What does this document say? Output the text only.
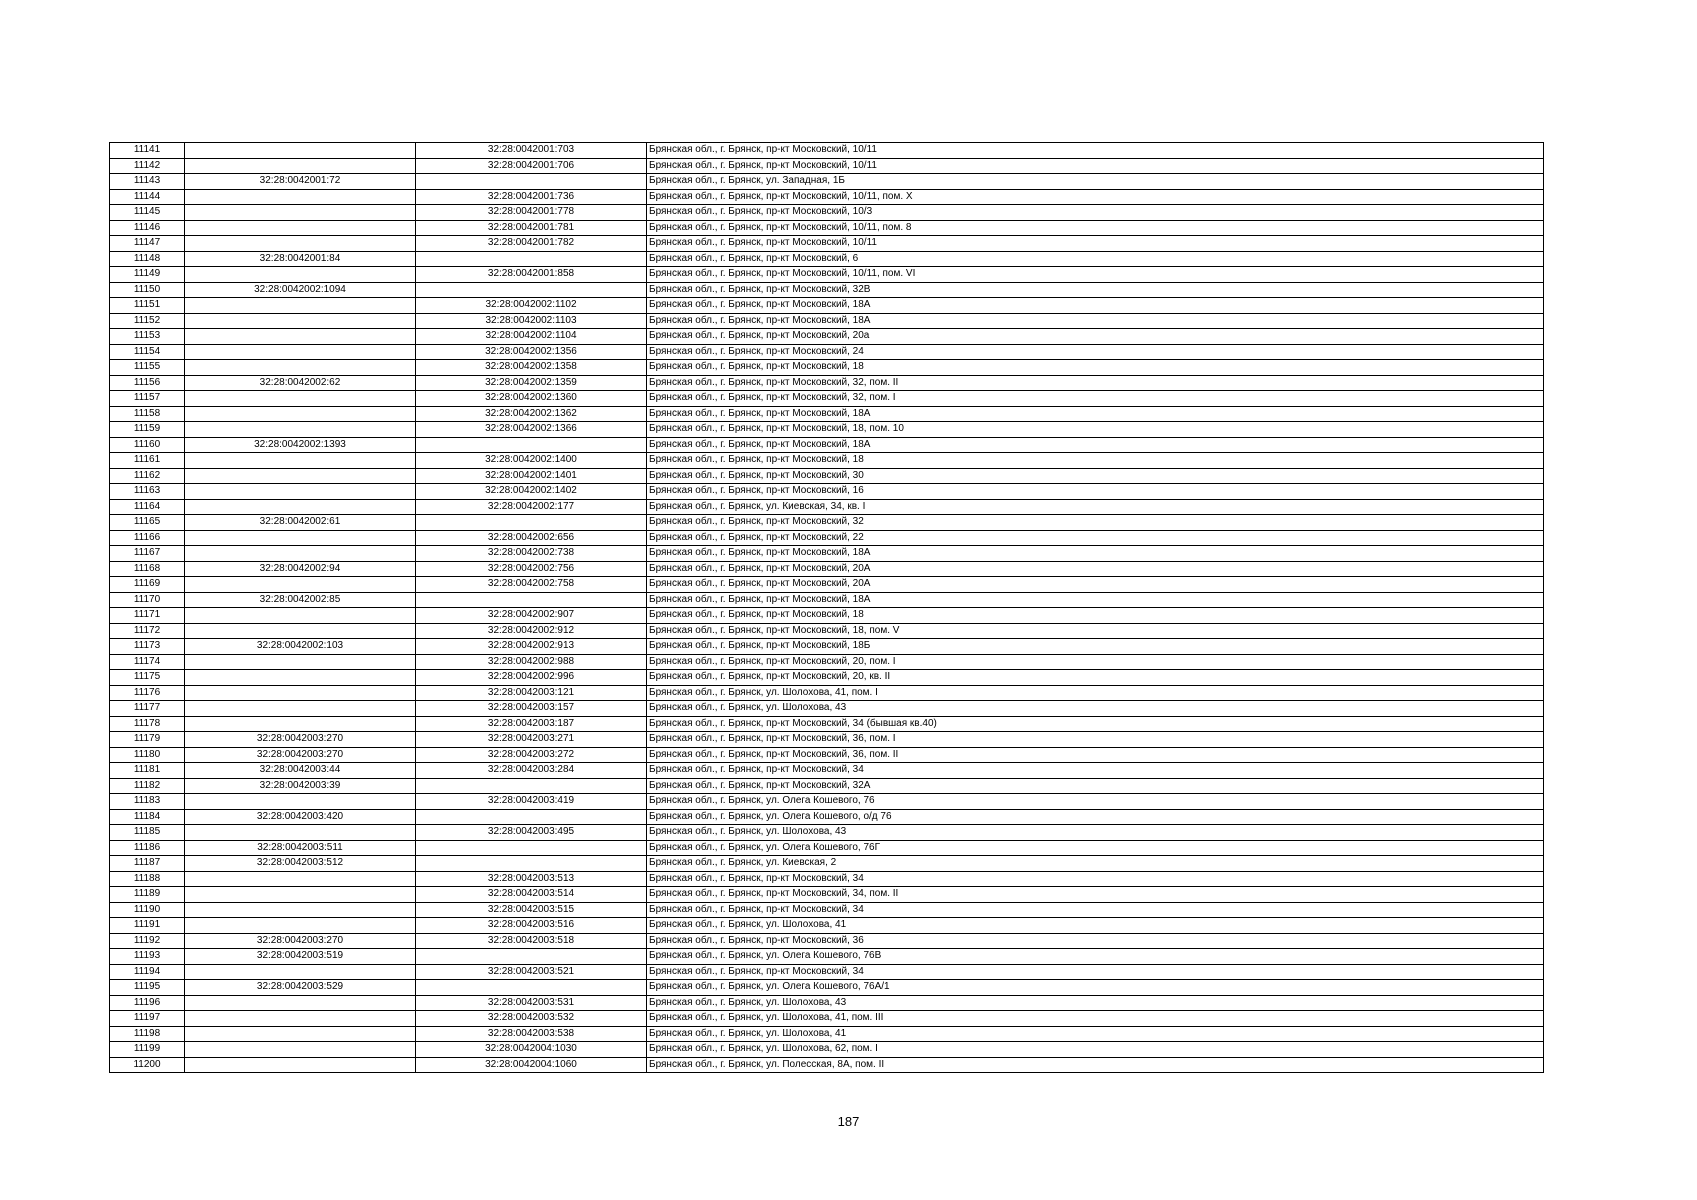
11141		32:28:0042001:703	Брянская обл., г. Брянск, пр-кт Московский, 10/11
11142		32:28:0042001:706	Брянская обл., г. Брянск, пр-кт Московский, 10/11
11143	32:28:0042001:72		Брянская обл., г. Брянск, ул. Западная, 1Б
11144		32:28:0042001:736	Брянская обл., г. Брянск, пр-кт Московский, 10/11, пом. X
11145		32:28:0042001:778	Брянская обл., г. Брянск, пр-кт Московский, 10/3
11146		32:28:0042001:781	Брянская обл., г. Брянск, пр-кт Московский, 10/11, пом. 8
11147		32:28:0042001:782	Брянская обл., г. Брянск, пр-кт Московский, 10/11
11148	32:28:0042001:84		Брянская обл., г. Брянск, пр-кт Московский, 6
11149		32:28:0042001:858	Брянская обл., г. Брянск, пр-кт Московский, 10/11, пом. VI
11150	32:28:0042002:1094		Брянская обл., г. Брянск, пр-кт Московский, 32В
11151		32:28:0042002:1102	Брянская обл., г. Брянск, пр-кт Московский, 18А
11152		32:28:0042002:1103	Брянская обл., г. Брянск, пр-кт Московский, 18А
11153		32:28:0042002:1104	Брянская обл., г. Брянск, пр-кт Московский, 20а
11154		32:28:0042002:1356	Брянская обл., г. Брянск, пр-кт Московский, 24
11155		32:28:0042002:1358	Брянская обл., г. Брянск, пр-кт Московский, 18
11156	32:28:0042002:62	32:28:0042002:1359	Брянская обл., г. Брянск, пр-кт Московский, 32, пом. II
11157		32:28:0042002:1360	Брянская обл., г. Брянск, пр-кт Московский, 32, пом. I
11158		32:28:0042002:1362	Брянская обл., г. Брянск, пр-кт Московский, 18А
11159		32:28:0042002:1366	Брянская обл., г. Брянск, пр-кт Московский, 18, пом. 10
11160	32:28:0042002:1393		Брянская обл., г. Брянск, пр-кт Московский, 18А
11161		32:28:0042002:1400	Брянская обл., г. Брянск, пр-кт Московский, 18
11162		32:28:0042002:1401	Брянская обл., г. Брянск, пр-кт Московский, 30
11163		32:28:0042002:1402	Брянская обл., г. Брянск, пр-кт Московский, 16
11164		32:28:0042002:177	Брянская обл., г. Брянск, ул. Киевская, 34, кв. I
11165	32:28:0042002:61		Брянская обл., г. Брянск, пр-кт Московский, 32
11166		32:28:0042002:656	Брянская обл., г. Брянск, пр-кт Московский, 22
11167		32:28:0042002:738	Брянская обл., г. Брянск, пр-кт Московский, 18А
11168	32:28:0042002:94	32:28:0042002:756	Брянская обл., г. Брянск, пр-кт Московский, 20А
11169		32:28:0042002:758	Брянская обл., г. Брянск, пр-кт Московский, 20А
11170	32:28:0042002:85		Брянская обл., г. Брянск, пр-кт Московский, 18А
11171		32:28:0042002:907	Брянская обл., г. Брянск, пр-кт Московский, 18
11172		32:28:0042002:912	Брянская обл., г. Брянск, пр-кт Московский, 18, пом. V
11173	32:28:0042002:103	32:28:0042002:913	Брянская обл., г. Брянск, пр-кт Московский, 18Б
11174		32:28:0042002:988	Брянская обл., г. Брянск, пр-кт Московский, 20, пом. I
11175		32:28:0042002:996	Брянская обл., г. Брянск, пр-кт Московский, 20, кв. II
11176		32:28:0042003:121	Брянская обл., г. Брянск, ул. Шолохова, 41, пом. I
11177		32:28:0042003:157	Брянская обл., г. Брянск, ул. Шолохова, 43
11178		32:28:0042003:187	Брянская обл., г. Брянск, пр-кт Московский, 34 (бывшая кв.40)
11179	32:28:0042003:270	32:28:0042003:271	Брянская обл., г. Брянск, пр-кт Московский, 36, пом. I
11180	32:28:0042003:270	32:28:0042003:272	Брянская обл., г. Брянск, пр-кт Московский, 36, пом. II
11181	32:28:0042003:44	32:28:0042003:284	Брянская обл., г. Брянск, пр-кт Московский, 34
11182	32:28:0042003:39		Брянская обл., г. Брянск, пр-кт Московский, 32А
11183		32:28:0042003:419	Брянская обл., г. Брянск, ул. Олега Кошевого, 76
11184	32:28:0042003:420		Брянская обл., г. Брянск, ул. Олега Кошевого, о/д 76
11185		32:28:0042003:495	Брянская обл., г. Брянск, ул. Шолохова, 43
11186	32:28:0042003:511		Брянская обл., г. Брянск, ул. Олега Кошевого, 76Г
11187	32:28:0042003:512		Брянская обл., г. Брянск, ул. Киевская, 2
11188		32:28:0042003:513	Брянская обл., г. Брянск, пр-кт Московский, 34
11189		32:28:0042003:514	Брянская обл., г. Брянск, пр-кт Московский, 34, пом. II
11190		32:28:0042003:515	Брянская обл., г. Брянск, пр-кт Московский, 34
11191		32:28:0042003:516	Брянская обл., г. Брянск, ул. Шолохова, 41
11192	32:28:0042003:270	32:28:0042003:518	Брянская обл., г. Брянск, пр-кт Московский, 36
11193	32:28:0042003:519		Брянская обл., г. Брянск, ул. Олега Кошевого, 76В
11194		32:28:0042003:521	Брянская обл., г. Брянск, пр-кт Московский, 34
11195	32:28:0042003:529		Брянская обл., г. Брянск, ул. Олега Кошевого, 76А/1
11196		32:28:0042003:531	Брянская обл., г. Брянск, ул. Шолохова, 43
11197		32:28:0042003:532	Брянская обл., г. Брянск, ул. Шолохова, 41, пом. III
11198		32:28:0042003:538	Брянская обл., г. Брянск, ул. Шолохова, 41
11199		32:28:0042004:1030	Брянская обл., г. Брянск, ул. Шолохова, 62, пом. I
11200		32:28:0042004:1060	Брянская обл., г. Брянск, ул. Полесская, 8А, пом. II
187
